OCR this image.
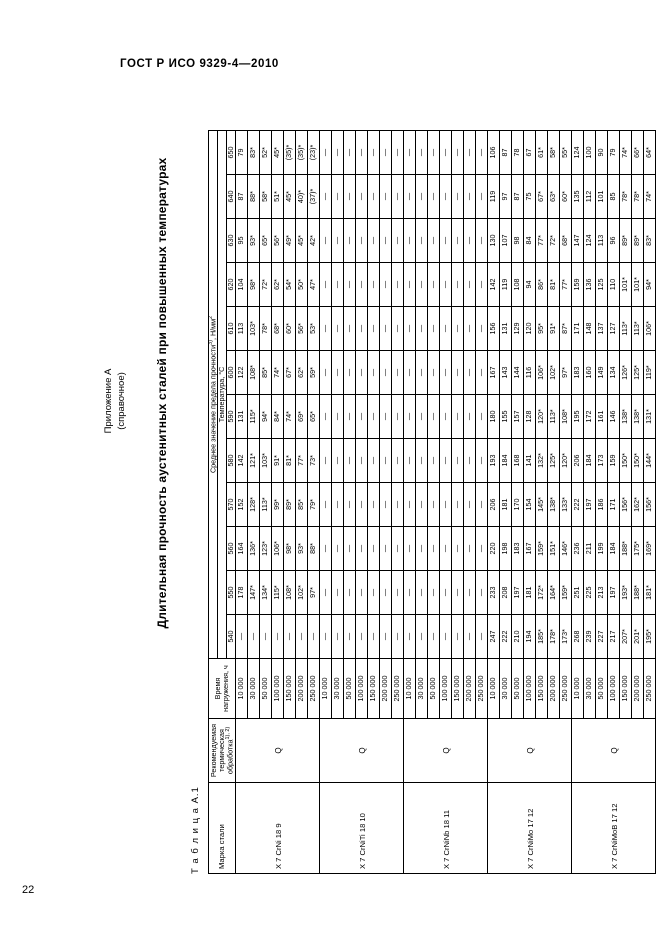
ГОСТ Р ИСО 9329-4—2010
22
Приложение А (справочное) Длительная прочность аустенитных сталей при повышенных температурах
Т а б л и ц а А.1 Марка стали	Рекомендуемая
термическая обработка$^{1), 2)}$	Время нагружения, ч	Среднее значение предела прочности$^{3)}$, $Н/мм^2$
			Температура, °С											
			540	550	560	570	580	590	600	610	620	630	640	650
Х 7 CrNi 18 9	Q	10 000	—	178	164	152	142	131	122	113	104	95	87	79
		30 000	—	147*	136*	128*	121*	115*	108*	103*	98*	93*	88*	83*
		50 000	—	134*	123*	113*	103*	94*	85*	78*	72*	65*	58*	52*
		100 000	—	115*	106*	99*	91*	84*	74*	68*	62*	56*	51*	45*
		150 000	—	108*	98*	89*	81*	74*	67*	60*	54*	49*	45*	(35)*
		200 000	—	102*	93*	85*	77*	69*	62*	56*	50*	45*	40)*	(35)*
		250 000	—	97*	88*	79*	73*	65*	59*	53*	47*	42*	(37)*	(23)*
Х 7 CrNiTi 18 10	Q	10 000	—	—	—	—	—	—	—	—	—	—	—	—
		30 000	—	—	—	—	—	—	—	—	—	—	—	—
		50 000	—	—	—	—	—	—	—	—	—	—	—	—
		100 000	—	—	—	—	—	—	—	—	—	—	—	—
		150 000	—	—	—	—	—	—	—	—	—	—	—	—
		200 000	—	—	—	—	—	—	—	—	—	—	—	—
		250 000	—	—	—	—	—	—	—	—	—	—	—	—
Х 7 CrNiNb 18 11	Q	10 000	—	—	—	—	—	—	—	—	—	—	—	—
		30 000	—	—	—	—	—	—	—	—	—	—	—	—
		50 000	—	—	—	—	—	—	—	—	—	—	—	—
		100 000	—	—	—	—	—	—	—	—	—	—	—	—
		150 000	—	—	—	—	—	—	—	—	—	—	—	—
		200 000	—	—	—	—	—	—	—	—	—	—	—	—
		250 000	—	—	—	—	—	—	—	—	—	—	—	—
Х 7 CrNiMo 17 12	Q	10 000	247	233	220	206	193	180	167	156	142	130	119	106
		30 000	222	208	198	181	184	155	143	131	119	107	97	87
		50 000	210	197	183	170	168	157	144	129	108	98	87	78
		100 000	194	181	167	154	141	128	116	120	94	84	75	67
		150 000	185*	172*	159*	145*	132*	120*	106*	95*	86*	77*	67*	61*
		200 000	178*	164*	151*	138*	125*	113*	102*	91*	81*	72*	63*	58*
		250 000	173*	159*	146*	133*	120*	108*	97*	87*	77*	68*	60*	55*
Х 7 CrNiMoB 17 12	Q	10 000	268	251	236	222	206	195	183	171	159	147	135	124
		30 000	239	225	211	197	184	172	160	148	136	124	112	100
		50 000	227	213	199	186	173	161	149	137	125	113	101	90
		100 000	217	197	184	171	159	146	134	127	110	96	85	79
		150 000	207*	193*	188*	156*	150*	138*	126*	113*	101*	89*	78*	74*
		200 000	201*	188*	175*	162*	150*	138*	125*	113*	101*	89*	78*	66*
		250 000	195*	181*	169*	156*	144*	131*	119*	106*	94*	83*	74*	64*
